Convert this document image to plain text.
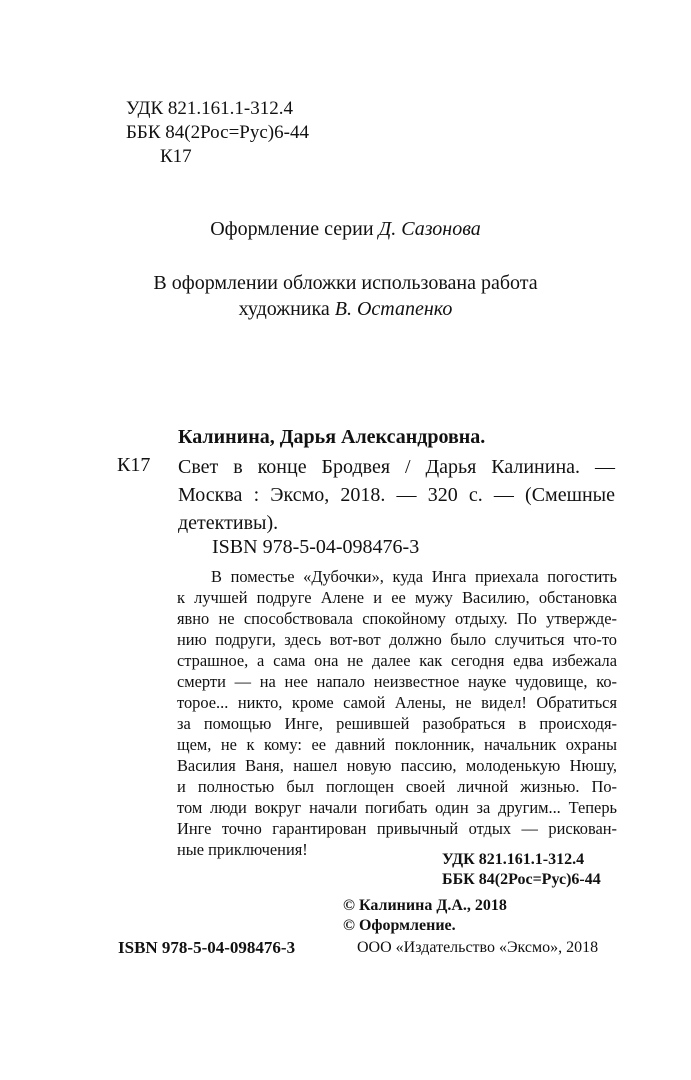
УДК 821.161.1-312.4
ББК 84(2Рос=Рус)6-44
К17
Оформление серии Д. Сазонова
В оформлении обложки использована работа
художника В. Остапенко
Калинина, Дарья Александровна.
К17 Свет в конце Бродвея / Дарья Калинина. —
Москва : Эксмо, 2018. — 320 с. — (Смешные
детективы).
ISBN 978-5-04-098476-3
В поместье «Дубочки», куда Инга приехала погостить
к лучшей подруге Алене и ее мужу Василию, обстановка
явно не способствовала спокойному отдыху. По утвержде-
нию подруги, здесь вот-вот должно было случиться что-то
страшное, а сама она не далее как сегодня едва избежала
смерти — на нее напало неизвестное науке чудовище, ко-
торое... никто, кроме самой Алены, не видел! Обратиться
за помощью Инге, решившей разобраться в происходя-
щем, не к кому: ее давний поклонник, начальник охраны
Василия Ваня, нашел новую пассию, молоденькую Нюшу,
и полностью был поглощен своей личной жизнью. По-
том люди вокруг начали погибать один за другим... Теперь
Инге точно гарантирован привычный отдых — рискован-
ные приключения!
УДК 821.161.1-312.4
ББК 84(2Рос=Рус)6-44
© Калинина Д.А., 2018
© Оформление.
ISBN 978-5-04-098476-3	ООО «Издательство «Эксмо», 2018
